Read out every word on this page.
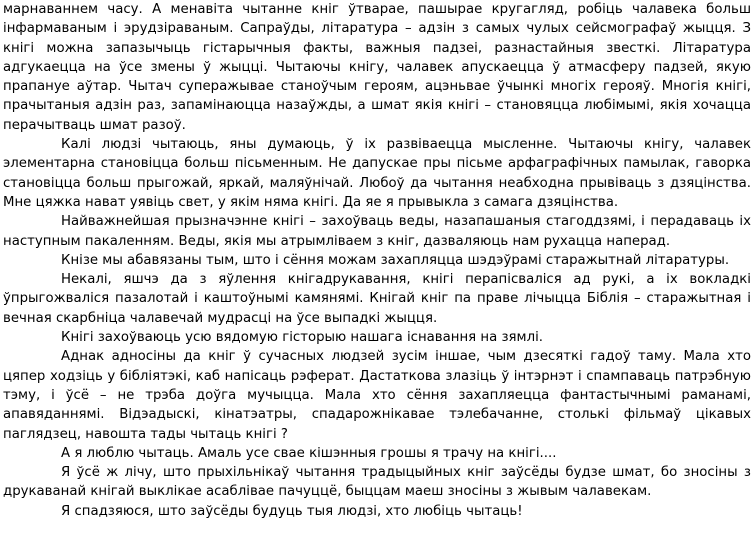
марнаваннем часу. А менавіта чытанне кніг ўтварае, пашырае кругагляд, робіць чалавека больш інфармаваным і эрудзіраваным. Сапраўды, літаратура – адзін з самых чулых сейсмографаў жыцця. З кнігі можна запазычыць гістарычныя факты, важныя падзеі, разнастайныя звесткі. Літаратура адгукаецца на ўсе змены ў жыцці. Чытаючы кнігу, чалавек апускаецца ў атмасферу падзей, якую прапануе аўтар. Чытач суперажывае станоўчым героям, ацэньвае ўчынкі многіх герояў. Многія кнігі, прачытаныя адзін раз, запамінаюцца назаўжды, а шмат якія кнігі – становяцца любімымі, якія хочацца перачытваць шмат разоў.

Калі людзі чытаюць, яны думаюць, ў іх развіваецца мысленне. Чытаючы кнігу, чалавек элементарна становіцца больш пісьменным. Не дапускае пры пісьме арфаграфічных памылак, гаворка становіцца больш прыгожай, яркай, маляўнічай. Любоў да чытання неабходна прывіваць з дзяцінства. Мне цяжка нават уявіць свет, у якім няма кнігі. Да яе я прывыкла з самага дзяцінства.

Найважнейшая прызначэнне кнігі – захоўваць веды, назапашаныя стагоддзямі, і перадаваць іх наступным пакаленням. Веды, якія мы атрымліваем з кніг, дазваляюць нам рухацца наперад.

Кнізе мы абавязаны тым, што і сёння можам захапляцца шэдэўрамі старажытнай літаратуры.

Некалі, яшчэ да з яўлення кнігадрукавання, кнігі перапісваліся ад рукі, а іх вокладкі ўпрыгожваліся пазалотай і каштоўнымі камянямі. Кнігай кніг па праве лічыцца Біблія – старажытная і вечная скарбніца чалавечай мудрасці на ўсе выпадкі жыцця.

Кнігі захоўваюць усю вядомую гісторыю нашага існавання на зямлі.

Аднак адносіны да кніг ў сучасных людзей зусім іншае, чым дзесяткі гадоў таму. Мала хто цяпер ходзіць у бібліятэкі, каб напісаць рэферат. Дастаткова злазіць ў інтэрнэт і спампаваць патрэбную тэму, і ўсё – не трэба доўга мучыцца. Мала хто сёння захапляецца фантастычнымі раманамі, апавяданнямі. Відэадыскі, кінатэатры, спадарожнікавае тэлебачанне, столькі фільмаў цікавых паглядзец, навошта тады чытаць кнігі ?

А я люблю чытаць. Амаль усе свае кішэнныя грошы я трачу на кнігі....

Я ўсё ж лічу, што прыхільнікаў чытання традыцыйных кніг заўсёды будзе шмат, бо зносіны з друкаванай кнігай выклікае асаблівае пачуццё, быццам маеш зносіны з жывым чалавекам.

Я спадзяюся, што заўсёды будуць тыя людзі, хто любіць чытаць!
